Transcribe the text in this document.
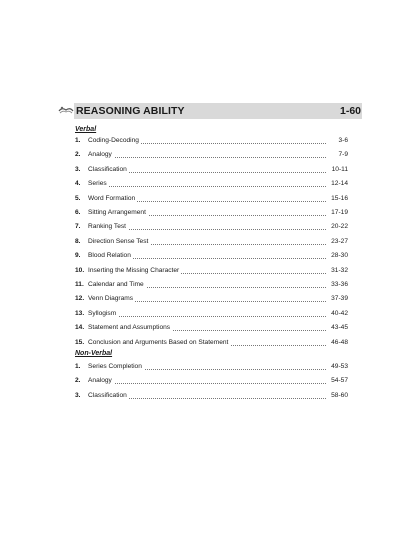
REASONING ABILITY	1-60
Verbal
1.	Coding-Decoding	3-6
2.	Analogy	7-9
3.	Classification	10-11
4.	Series	12-14
5.	Word Formation	15-16
6.	Sitting Arrangement	17-19
7.	Ranking Test	20-22
8.	Direction Sense Test	23-27
9.	Blood Relation	28-30
10. Inserting the Missing Character	31-32
11. Calendar and Time	33-36
12. Venn Diagrams	37-39
13. Syllogism	40-42
14. Statement and Assumptions	43-45
15. Conclusion and Arguments Based on Statement	46-48
Non-Verbal
1.	Series Completion	49-53
2.	Analogy	54-57
3.	Classification	58-60
